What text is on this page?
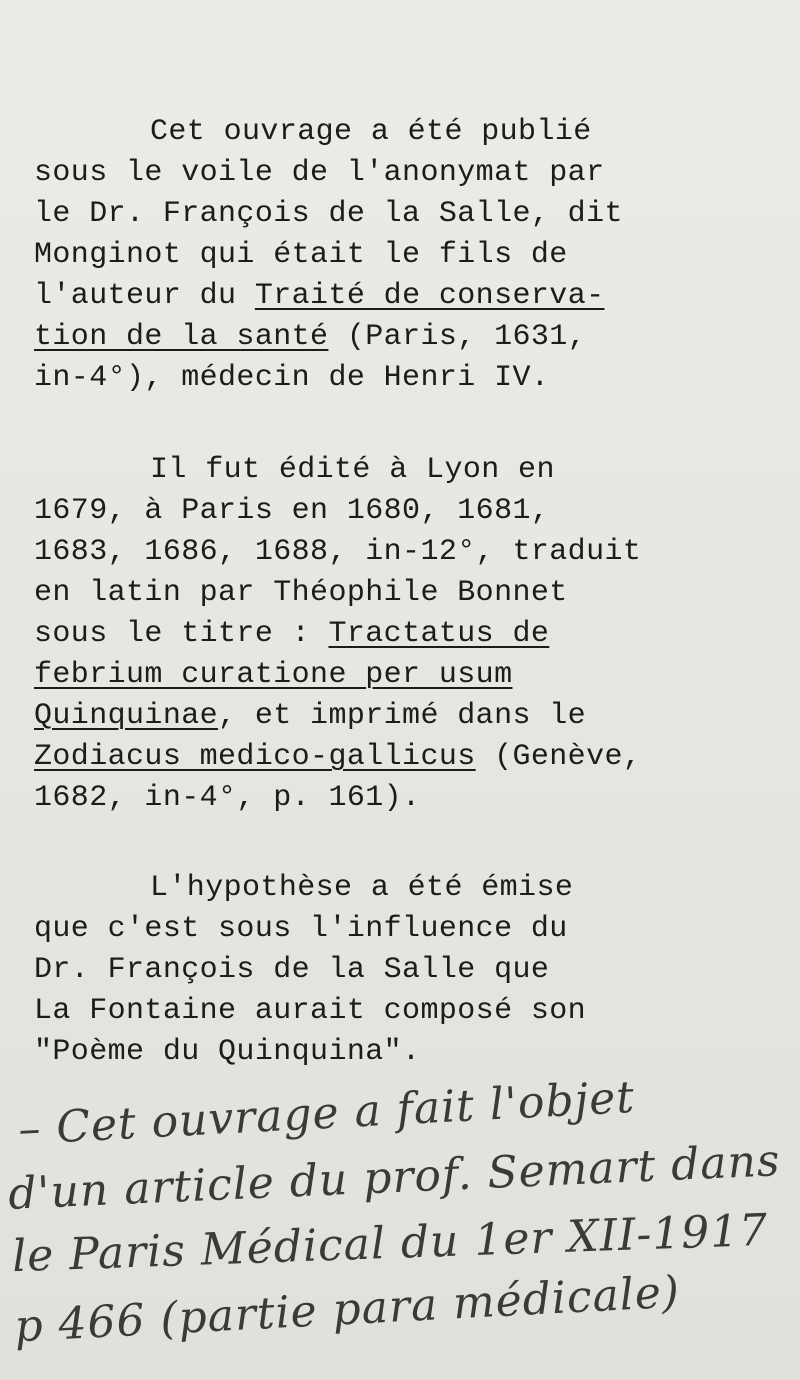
Cet ouvrage a été publié
sous le voile de l'anonymat par
le Dr. François de la Salle, dit
Monginot qui était le fils de
l'auteur du Traité de conserva-
tion de la santé (Paris, 1631,
in-4°), médecin de Henri IV.
Il fut édité à Lyon en
1679, à Paris en 1680, 1681,
1683, 1686, 1688, in-12°, traduit
en latin par Théophile Bonnet
sous le titre : Tractatus de
febrium curatione per usum
Quinquinae, et imprimé dans le
Zodiacus medico-gallicus (Genève,
1682, in-4°, p. 161).
L'hypothèse a été émise
que c'est sous l'influence du
Dr. François de la Salle que
La Fontaine aurait composé son
"Poème du Quinquina".
– Cet ouvrage a fait l'objet
d'un article du prof. Semart dans
le Paris Médical du 1er XII-1917
p 466 (partie para médicale)
